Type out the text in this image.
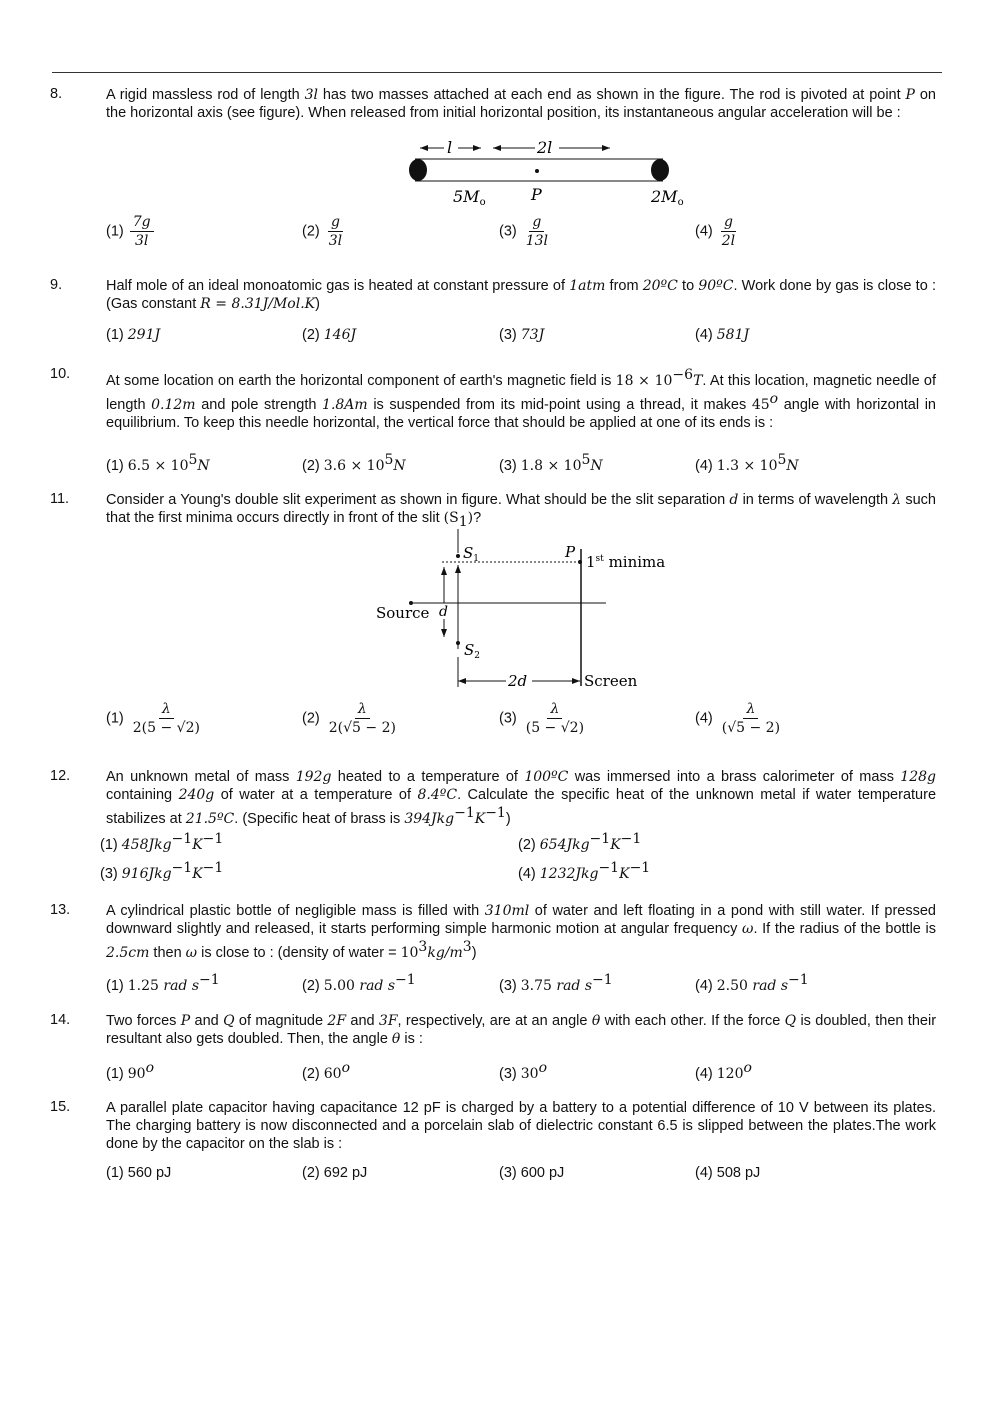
8.	A rigid massless rod of length 3l has two masses attached at each end as shown in the figure. The rod is pivoted at point P on the horizontal axis (see figure). When released from initial horizontal position, its instantaneous angular acceleration will be :
l	2l
5Mo	P	2Mo
$(1) \frac{7g}{3l}$	$(2) \frac{g}{3l}$	$(3) \frac{g}{13l}$	$(4) \frac{g}{2l}$
9.	Half mole of an ideal monoatomic gas is heated at constant pressure of 1atm from 20ºC to 90ºC. Work done by gas is close to :(Gas constant R = 8.31J/Mol.K)
(1) 291J	(2) 146J	(3) 73J	(4) 581J
10. At some location on earth the horizontal component of earth's magnetic field is $18 \times 10^{-6}T$. At this location, magnetic needle of length 0.12m and pole strength 1.8Am is suspended from its mid-point using a thread, it makes 45$^o$ angle with horizontal in equilibrium. To keep this needle horizontal, the vertical force that should be applied at one of its ends is :
(1) $6.5 \times 10^5N$	(2) $3.6 \times 10^5N$	(3) $1.8 \times 10^5N$	(4) $1.3 \times 10^5N$
11.	Consider a Young's double slit experiment as shown in figure. What should be the slit separation d in terms of wavelength λ such that the first minima occurs directly in front of the slit $(S_1)$?
$S_1$	P
1st minima
d
Source
$S_2$
2d	Screen
$(1) \frac{\lambda}{2(5 - √2)}$	$(2) \frac{\lambda}{2(√5 - 2)}$	$(3) \frac{\lambda}{(5 - √2)}$	$(4) \frac{\lambda}{(√5 - 2)}$
12. An unknown metal of mass 192g heated to a temperature of 100ºC was immersed into a brass calorimeter of mass 128g containing 240g of water at a temperature of 8.4ºC. Calculate the specific heat of the unknown metal if water temperature stabilizes at 21.5ºC. (Specific heat of brass is $394Jkg^{-1}K^{-1}$)
(1) $458Jkg^{-1}K^{-1}$	(2) $654Jkg^{-1}K^{-1}$
(3) $916Jkg^{-1}K^{-1}$	(4) $1232Jkg^{-1}K^{-1}$
13. A cylindrical plastic bottle of negligible mass is filled with 310ml of water and left floating in a pond with still water. If pressed downward slightly and released, it starts performing simple harmonic motion at angular frequency ω. If the radius of the bottle is 2.5cm then ω is close to : (density of water = $10^3kg/m^3$)
(1) 1.25 rad $s^{-1}$	(2) 5.00 rad $s^{-1}$	(3) 3.75 rad $s^{-1}$	(4) 2.50 rad $s^{-1}$
14. Two forces P and Q of magnitude 2F and 3F, respectively, are at an angle θ with each other. If the force Q is doubled, then their resultant also gets doubled. Then, the angle θ is :
(1) 90$^o$	(2) 60$^o$	(3) 30$^o$	(4) 120$^o$
15. A parallel plate capacitor having capacitance 12 pF is charged by a battery to a potential difference of 10 V between its plates. The charging battery is now disconnected and a porcelain slab of dielectric constant 6.5 is slipped between the plates.The work done by the capacitor on the slab is :
(1) 560 pJ	(2) 692 pJ	(3) 600 pJ	(4) 508 pJ
